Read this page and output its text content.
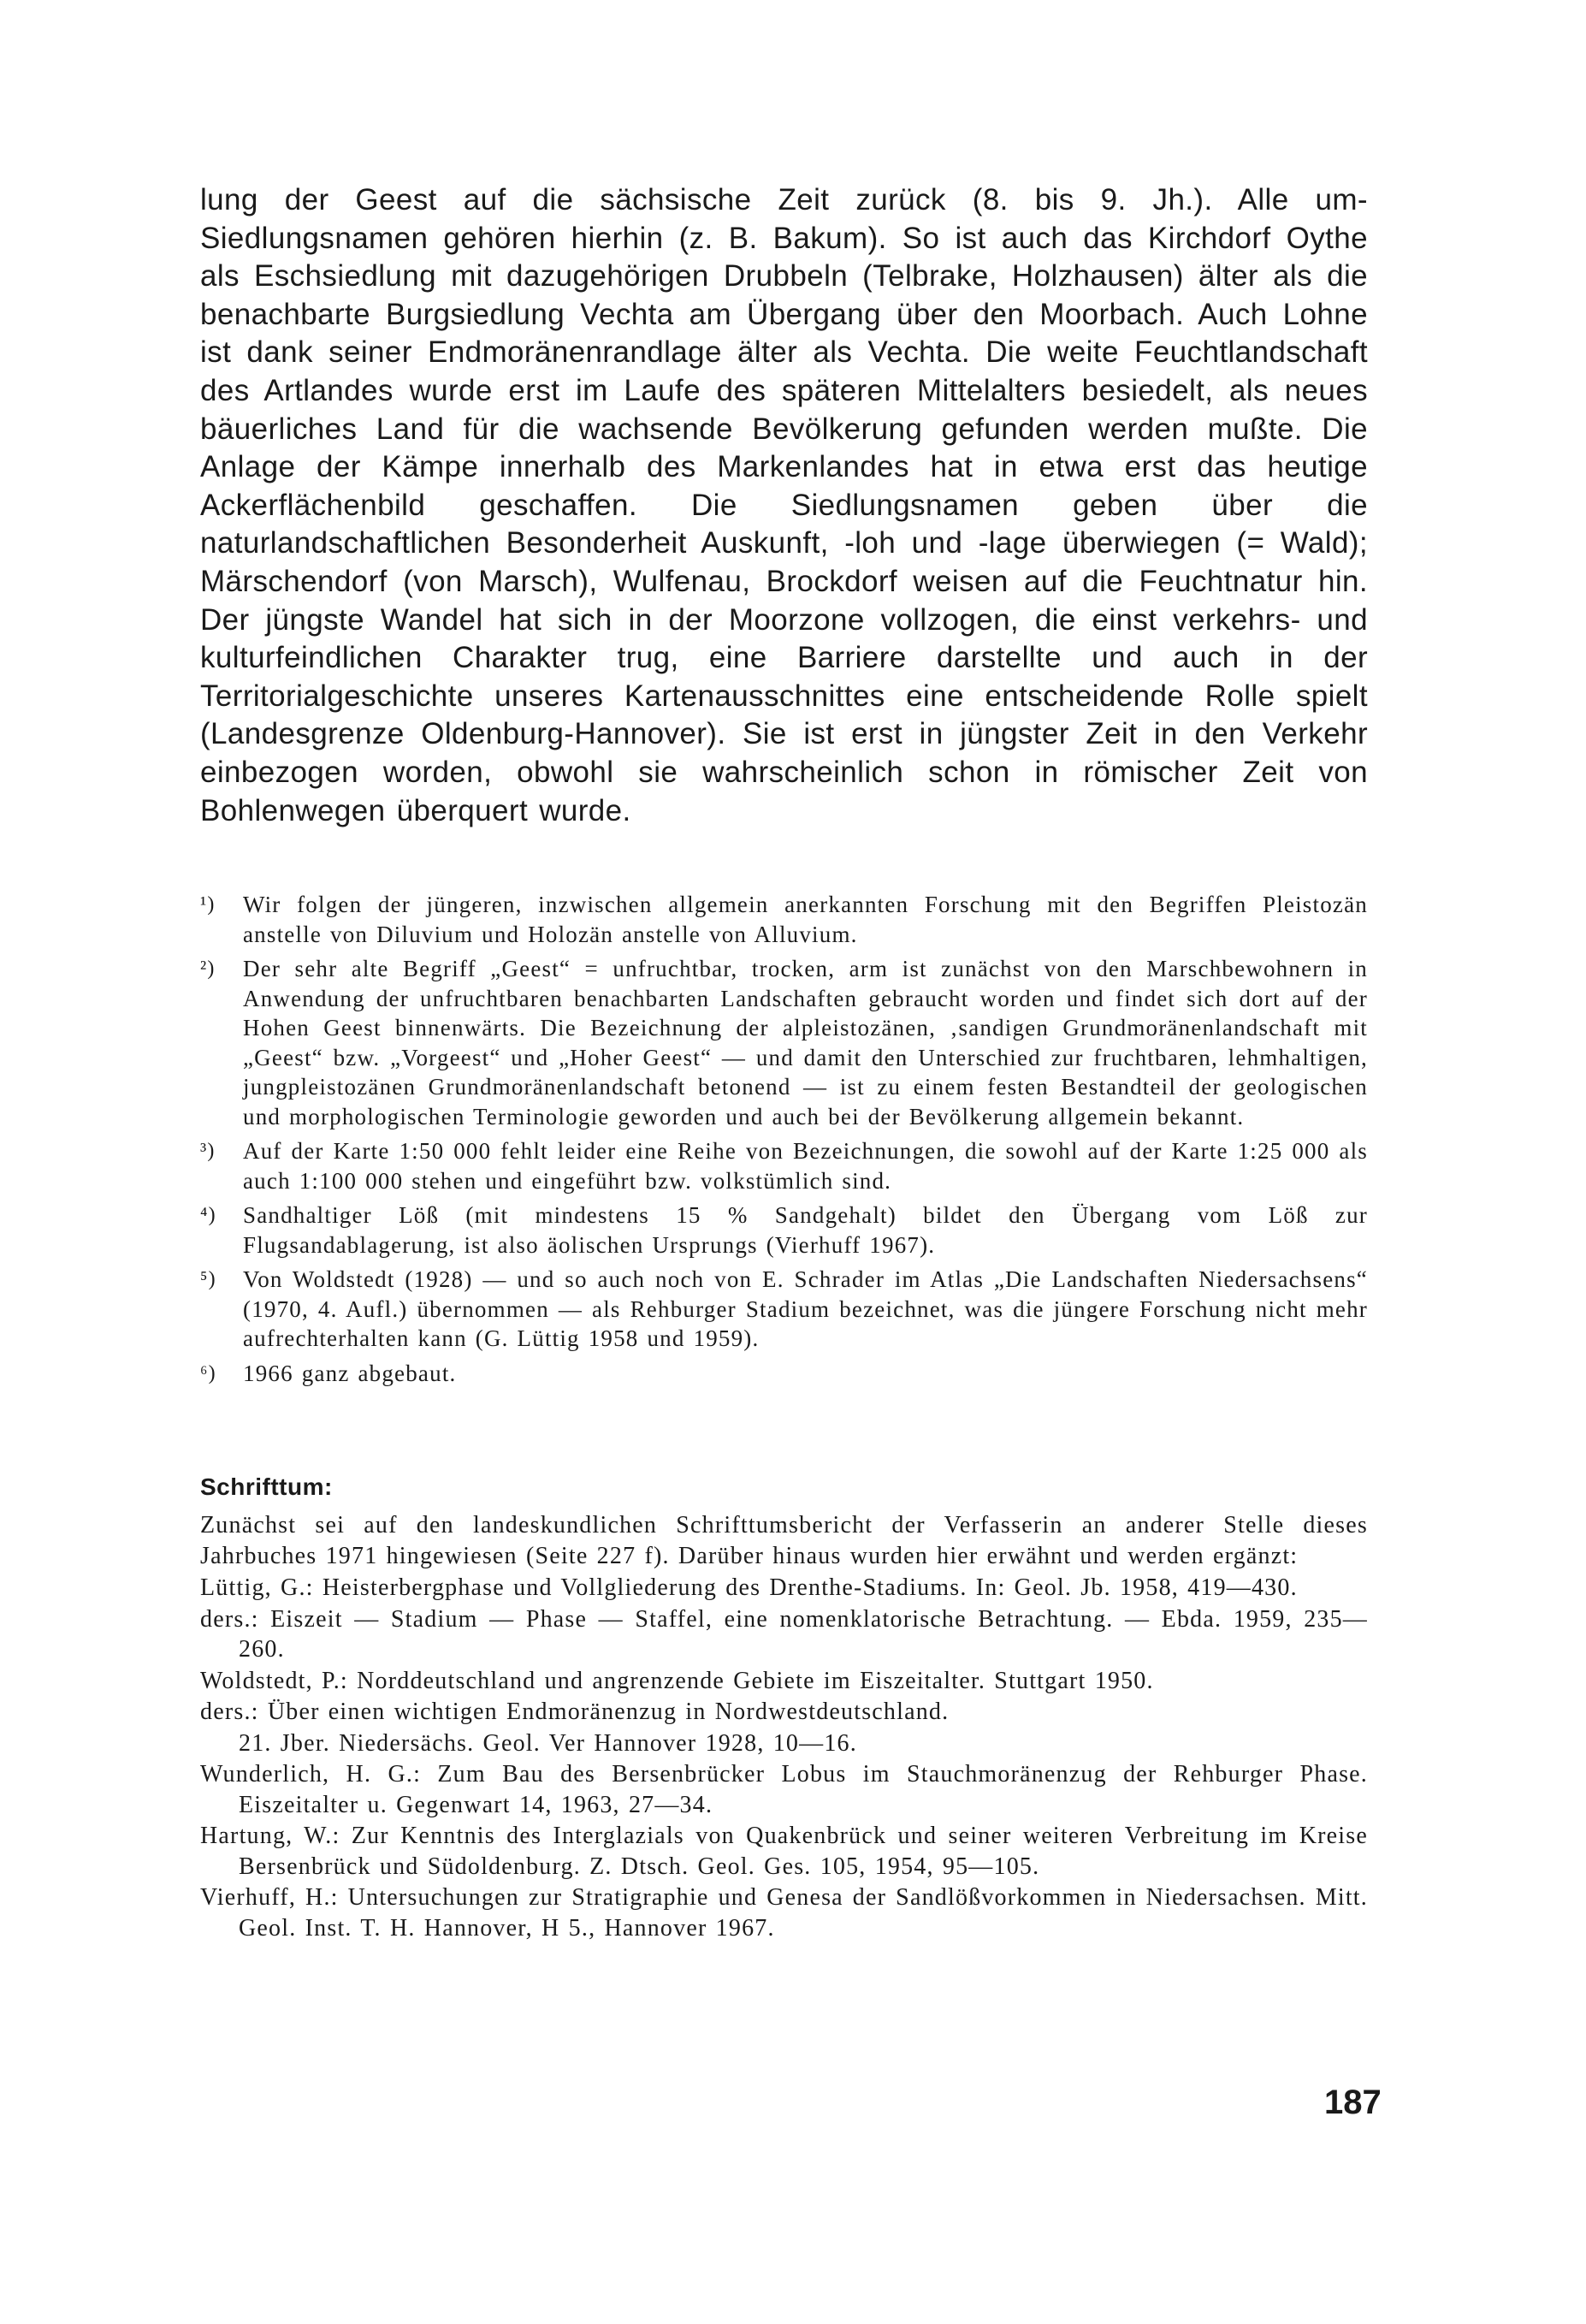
lung der Geest auf die sächsische Zeit zurück (8. bis 9. Jh.). Alle um-Siedlungsnamen gehören hierhin (z. B. Bakum). So ist auch das Kirchdorf Oythe als Eschsiedlung mit dazugehörigen Drubbeln (Telbrake, Holzhausen) älter als die benachbarte Burgsiedlung Vechta am Übergang über den Moorbach. Auch Lohne ist dank seiner Endmoränenrandlage älter als Vechta. Die weite Feuchtlandschaft des Artlandes wurde erst im Laufe des späteren Mittelalters besiedelt, als neues bäuerliches Land für die wachsende Bevölkerung gefunden werden mußte. Die Anlage der Kämpe innerhalb des Markenlandes hat in etwa erst das heutige Ackerflächenbild geschaffen. Die Siedlungsnamen geben über die naturlandschaftlichen Besonderheit Auskunft, -loh und -lage überwiegen (= Wald); Märschendorf (von Marsch), Wulfenau, Brockdorf weisen auf die Feuchtnatur hin. Der jüngste Wandel hat sich in der Moorzone vollzogen, die einst verkehrs- und kulturfeindlichen Charakter trug, eine Barriere darstellte und auch in der Territorialgeschichte unseres Kartenausschnittes eine entscheidende Rolle spielt (Landesgrenze Oldenburg-Hannover). Sie ist erst in jüngster Zeit in den Verkehr einbezogen worden, obwohl sie wahrscheinlich schon in römischer Zeit von Bohlenwegen überquert wurde.
¹) Wir folgen der jüngeren, inzwischen allgemein anerkannten Forschung mit den Begriffen Pleistozän anstelle von Diluvium und Holozän anstelle von Alluvium.
²) Der sehr alte Begriff „Geest“ = unfruchtbar, trocken, arm ist zunächst von den Marschbewohnern in Anwendung der unfruchtbaren benachbarten Landschaften gebraucht worden und findet sich dort auf der Hohen Geest binnenwärts. Die Bezeichnung der alpleistozänen, ‚sandigen Grundmoränenlandschaft mit „Geest“ bzw. „Vorgeest“ und „Hoher Geest“ — und damit den Unterschied zur fruchtbaren, lehmhaltigen, jungpleistozänen Grundmoränenlandschaft betonend — ist zu einem festen Bestandteil der geologischen und morphologischen Terminologie geworden und auch bei der Bevölkerung allgemein bekannt.
³) Auf der Karte 1:50 000 fehlt leider eine Reihe von Bezeichnungen, die sowohl auf der Karte 1:25 000 als auch 1:100 000 stehen und eingeführt bzw. volkstümlich sind.
⁴) Sandhaltiger Löß (mit mindestens 15 % Sandgehalt) bildet den Übergang vom Löß zur Flugsandablagerung, ist also äolischen Ursprungs (Vierhuff 1967).
⁵) Von Woldstedt (1928) — und so auch noch von E. Schrader im Atlas „Die Landschaften Niedersachsens“ (1970, 4. Aufl.) übernommen — als Rehburger Stadium bezeichnet, was die jüngere Forschung nicht mehr aufrechterhalten kann (G. Lüttig 1958 und 1959).
⁶) 1966 ganz abgebaut.
Schrifttum:
Zunächst sei auf den landeskundlichen Schrifttumsbericht der Verfasserin an anderer Stelle dieses Jahrbuches 1971 hingewiesen (Seite 227 f). Darüber hinaus wurden hier erwähnt und werden ergänzt:
Lüttig, G.: Heisterbergphase und Vollgliederung des Drenthe-Stadiums. In: Geol. Jb. 1958, 419—430.
ders.: Eiszeit — Stadium — Phase — Staffel, eine nomenklatorische Betrachtung. — Ebda. 1959, 235—260.
Woldstedt, P.: Norddeutschland und angrenzende Gebiete im Eiszeitalter. Stuttgart 1950.
ders.: Über einen wichtigen Endmoränenzug in Nordwestdeutschland.
21. Jber. Niedersächs. Geol. Ver Hannover 1928, 10—16.
Wunderlich, H. G.: Zum Bau des Bersenbrücker Lobus im Stauchmoränenzug der Rehburger Phase. Eiszeitalter u. Gegenwart 14, 1963, 27—34.
Hartung, W.: Zur Kenntnis des Interglazials von Quakenbrück und seiner weiteren Verbreitung im Kreise Bersenbrück und Südoldenburg. Z. Dtsch. Geol. Ges. 105, 1954, 95—105.
Vierhuff, H.: Untersuchungen zur Stratigraphie und Genesa der Sandlößvorkommen in Niedersachsen. Mitt. Geol. Inst. T. H. Hannover, H 5., Hannover 1967.
187
